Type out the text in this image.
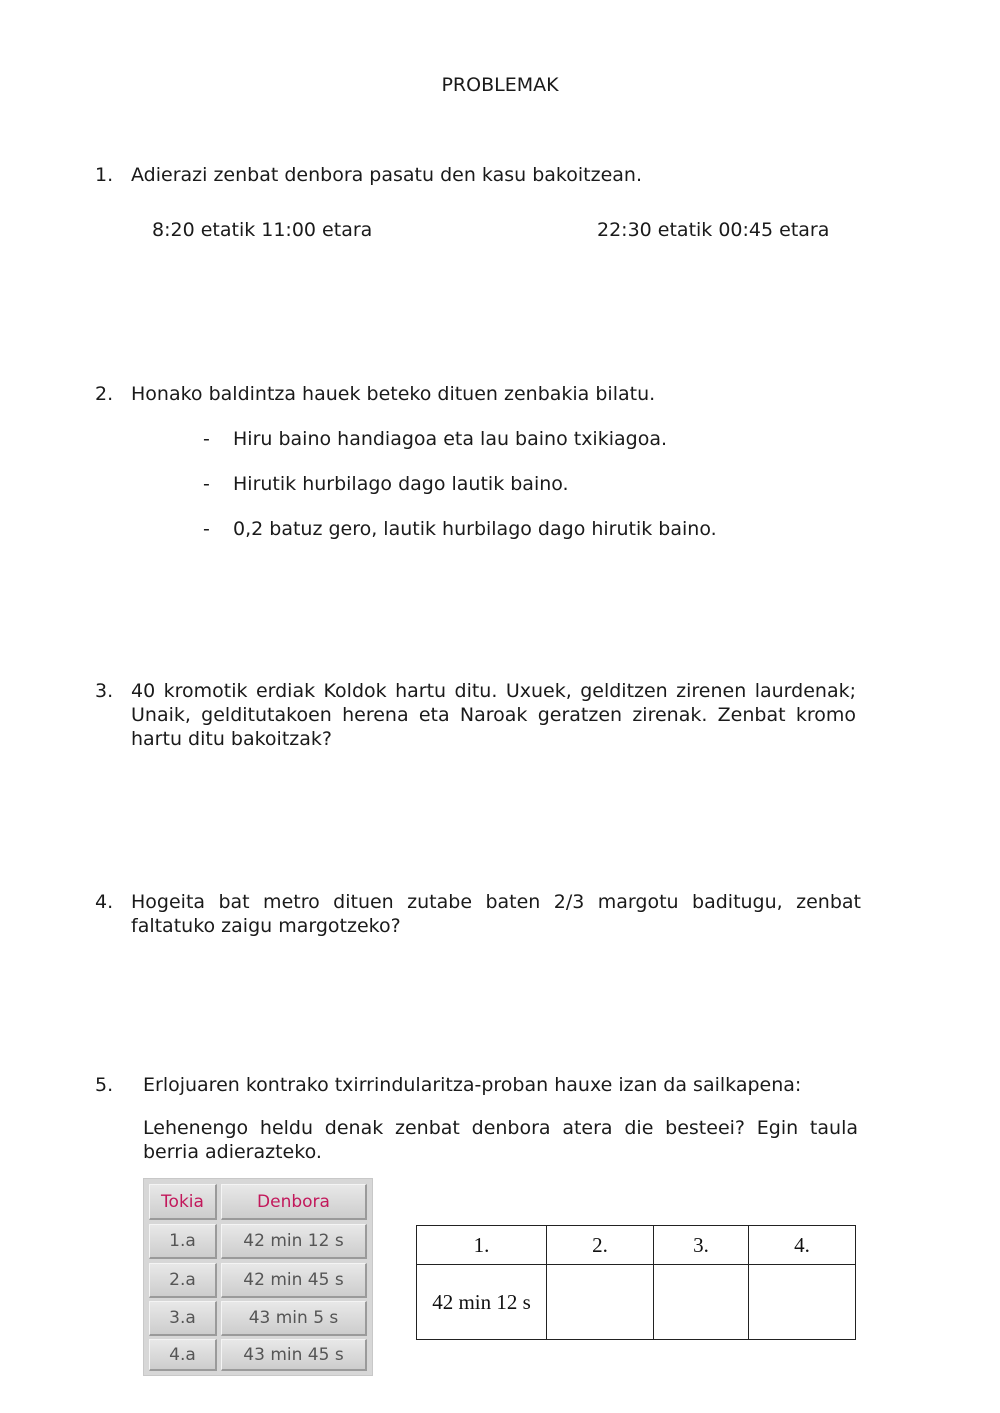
PROBLEMAK
1. Adierazi zenbat denbora pasatu den kasu bakoitzean.
8:20 etatik 11:00 etara	22:30 etatik 00:45 etara
2. Honako baldintza hauek beteko dituen zenbakia bilatu.
-	Hiru baino handiagoa eta lau baino txikiagoa.
-	Hirutik hurbilago dago lautik baino.
-	0,2 batuz gero, lautik hurbilago dago hirutik baino.
3. 40 kromotik erdiak Koldok hartu ditu. Uxuek, gelditzen zirenen laurdenak; Unaik, gelditutakoen herena eta Naroak geratzen zirenak. Zenbat kromo hartu ditu bakoitzak?
4. Hogeita bat metro dituen zutabe baten 2/3 margotu baditugu, zenbat faltatuko zaigu margotzeko?
5.	Erlojuaren kontrako txirrindularitza-proban hauxe izan da sailkapena:
Lehenengo heldu denak zenbat denbora atera die besteei? Egin taula berria adierazteko.
Tokia	Denbora
1.a	42 min 12 s
2.a	42 min 45 s
3.a	43 min 5 s
4.a	43 min 45 s
1.	2.	3.	4.
42 min 12 s			
